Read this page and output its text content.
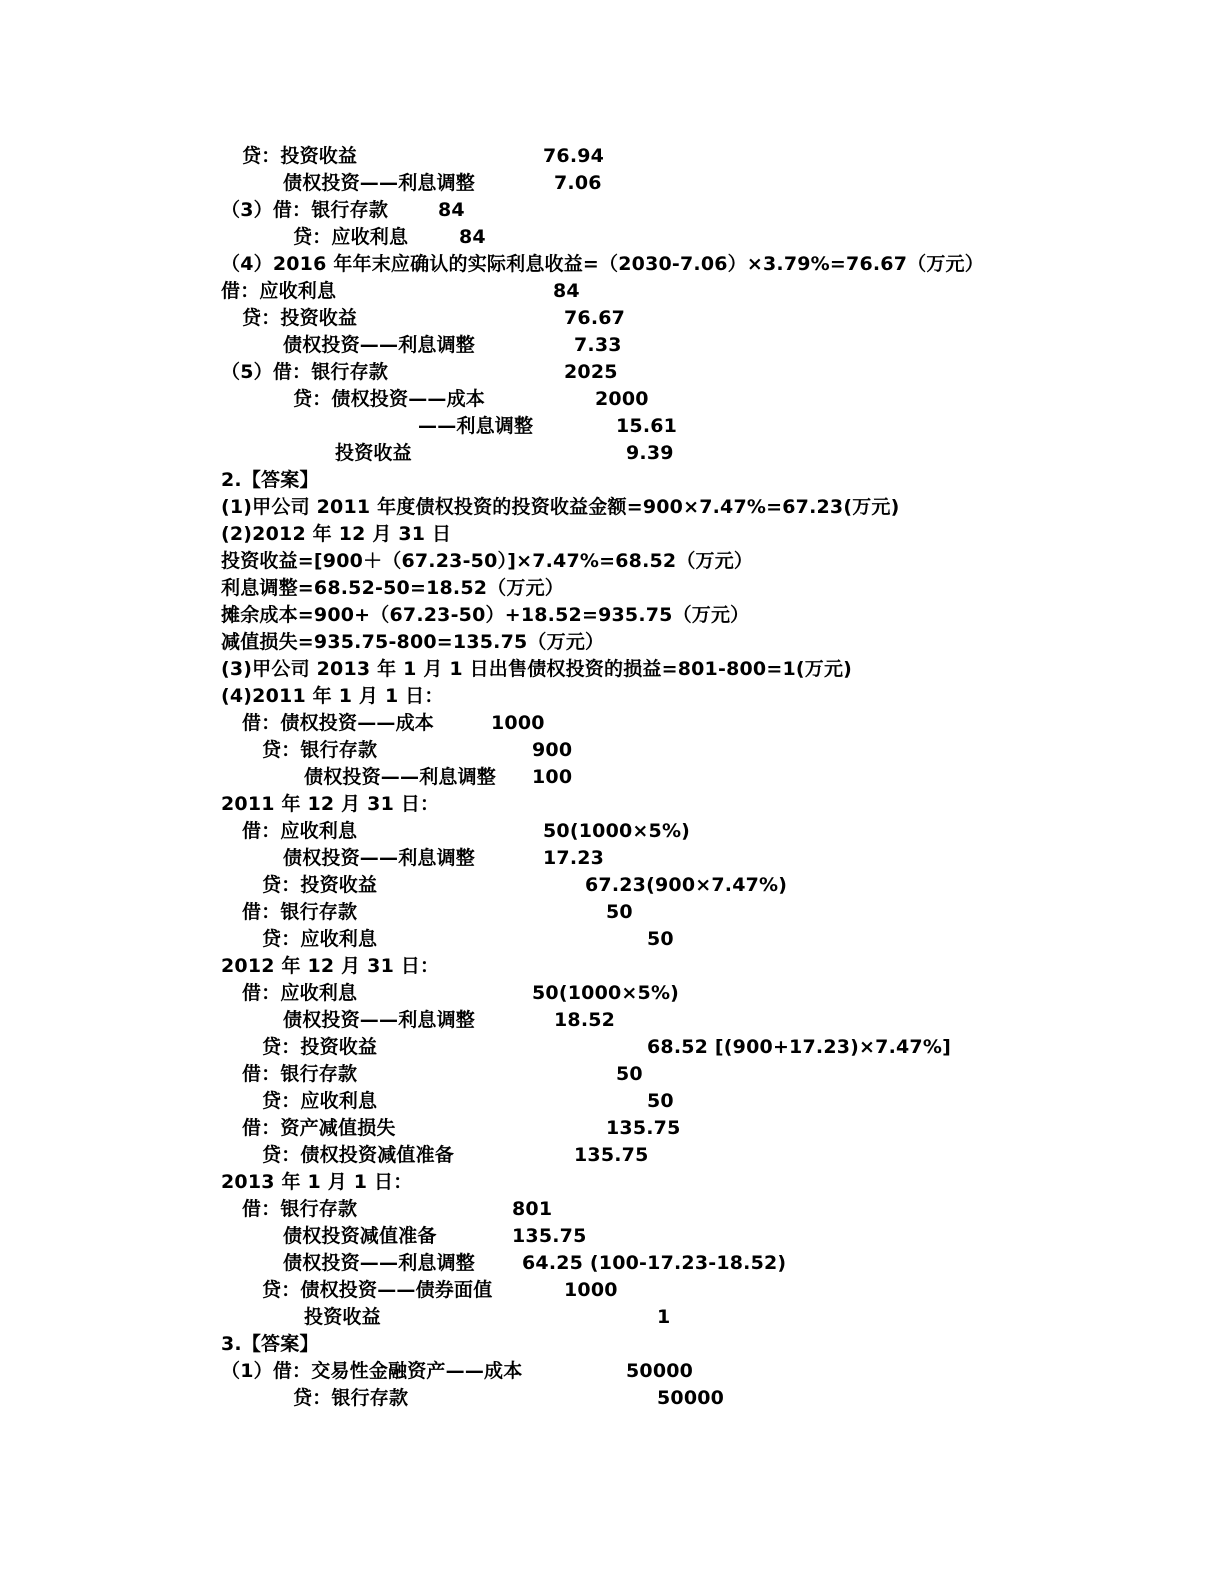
贷：投资收益	76.94
债权投资——利息调整	7.06
（3）借：银行存款	84
贷：应收利息	84
（4）2016 年年末应确认的实际利息收益=（2030-7.06）×3.79%=76.67（万元）
借：应收利息	84
贷：投资收益	76.67
债权投资——利息调整	7.33
（5）借：银行存款	2025
贷：债权投资——成本	2000
——利息调整	15.61
投资收益	9.39
2.【答案】
(1)甲公司 2011 年度债权投资的投资收益金额=900×7.47%=67.23(万元)
(2)2012 年 12 月 31 日
投资收益=[900＋（67.23-50）]×7.47%=68.52（万元）
利息调整=68.52-50=18.52（万元）
摊余成本=900+（67.23-50）+18.52=935.75（万元）
减值损失=935.75-800=135.75（万元）
(3)甲公司 2013 年 1 月 1 日出售债权投资的损益=801-800=1(万元)
(4)2011 年 1 月 1 日：
借：债权投资——成本	1000
贷：银行存款	900
债权投资——利息调整 100
2011 年 12 月 31 日：
借：应收利息	50(1000×5%)
债权投资——利息调整	17.23
贷：投资收益	67.23(900×7.47%)
借：银行存款	50
贷：应收利息	50
2012 年 12 月 31 日：
借：应收利息	50(1000×5%)
债权投资——利息调整	18.52
贷：投资收益	68.52 [(900+17.23)×7.47%]
借：银行存款	50
贷：应收利息	50
借：资产减值损失	135.75
贷：债权投资减值准备	135.75
2013 年 1 月 1 日：
借：银行存款	801
债权投资减值准备	135.75
债权投资——利息调整 64.25 (100-17.23-18.52)
贷：债权投资——债券面值	1000
投资收益	1
3.【答案】
（1）借：交易性金融资产——成本	50000
贷：银行存款	50000
